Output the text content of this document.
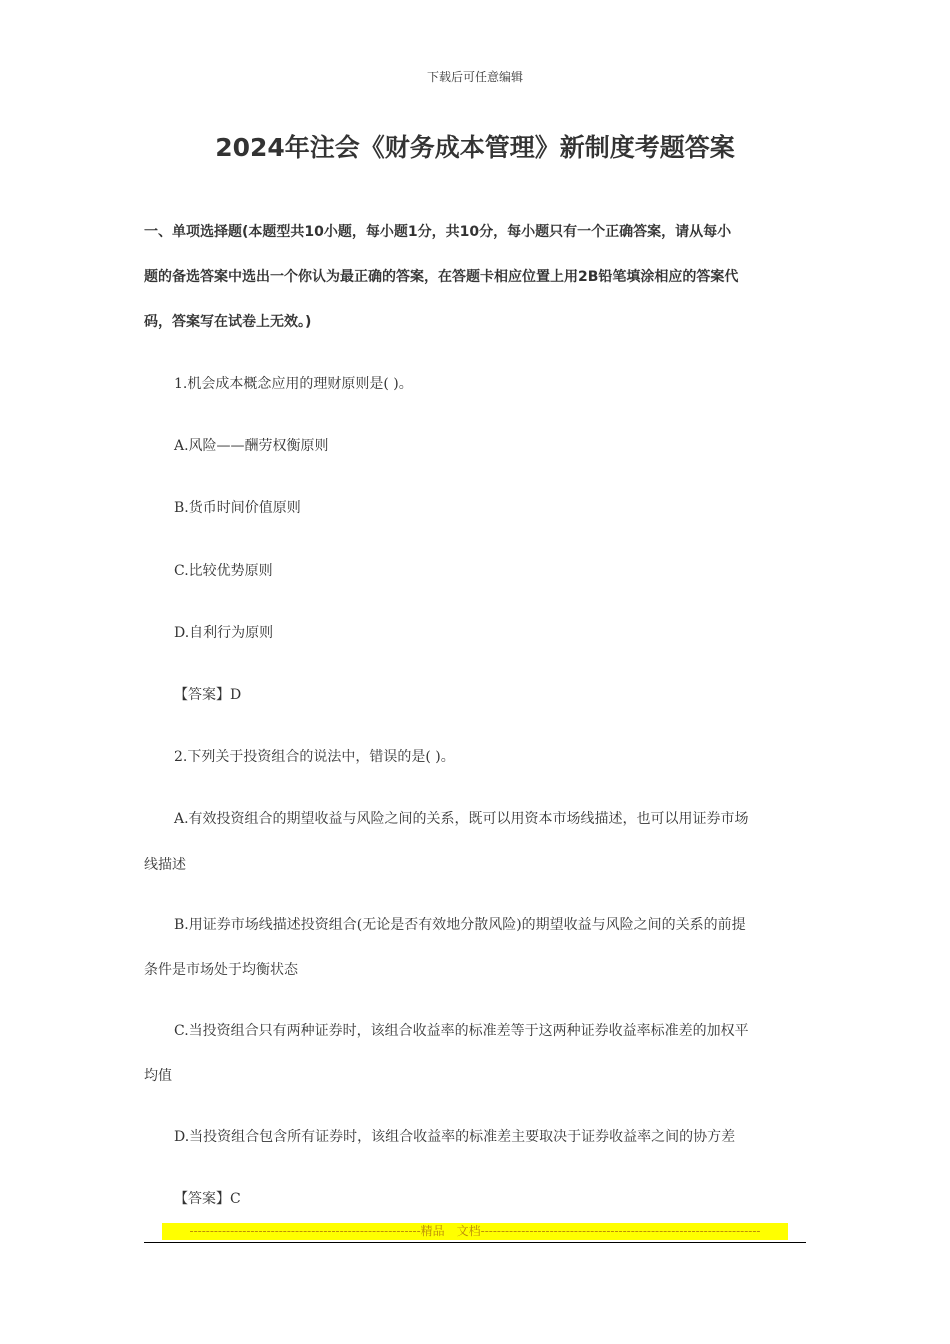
下载后可任意编辑
2024年注会《财务成本管理》新制度考题答案
一、单项选择题(本题型共10小题，每小题1分，共10分，每小题只有一个正确答案，请从每小
题的备选答案中选出一个你认为最正确的答案，在答题卡相应位置上用2B铅笔填涂相应的答案代
码，答案写在试卷上无效。)
1.机会成本概念应用的理财原则是( )。
A.风险——酬劳权衡原则
B.货币时间价值原则
C.比较优势原则
D.自利行为原则
【答案】D
2.下列关于投资组合的说法中，错误的是( )。
A.有效投资组合的期望收益与风险之间的关系，既可以用资本市场线描述，也可以用证券市场
线描述
B.用证券市场线描述投资组合(无论是否有效地分散风险)的期望收益与风险之间的关系的前提
条件是市场处于均衡状态
C.当投资组合只有两种证券时，该组合收益率的标准差等于这两种证券收益率标准差的加权平
均值
D.当投资组合包含所有证券时，该组合收益率的标准差主要取决于证券收益率之间的协方差
【答案】C
---------------------------------------------------------精品　文档---------------------------------------------------------------------
